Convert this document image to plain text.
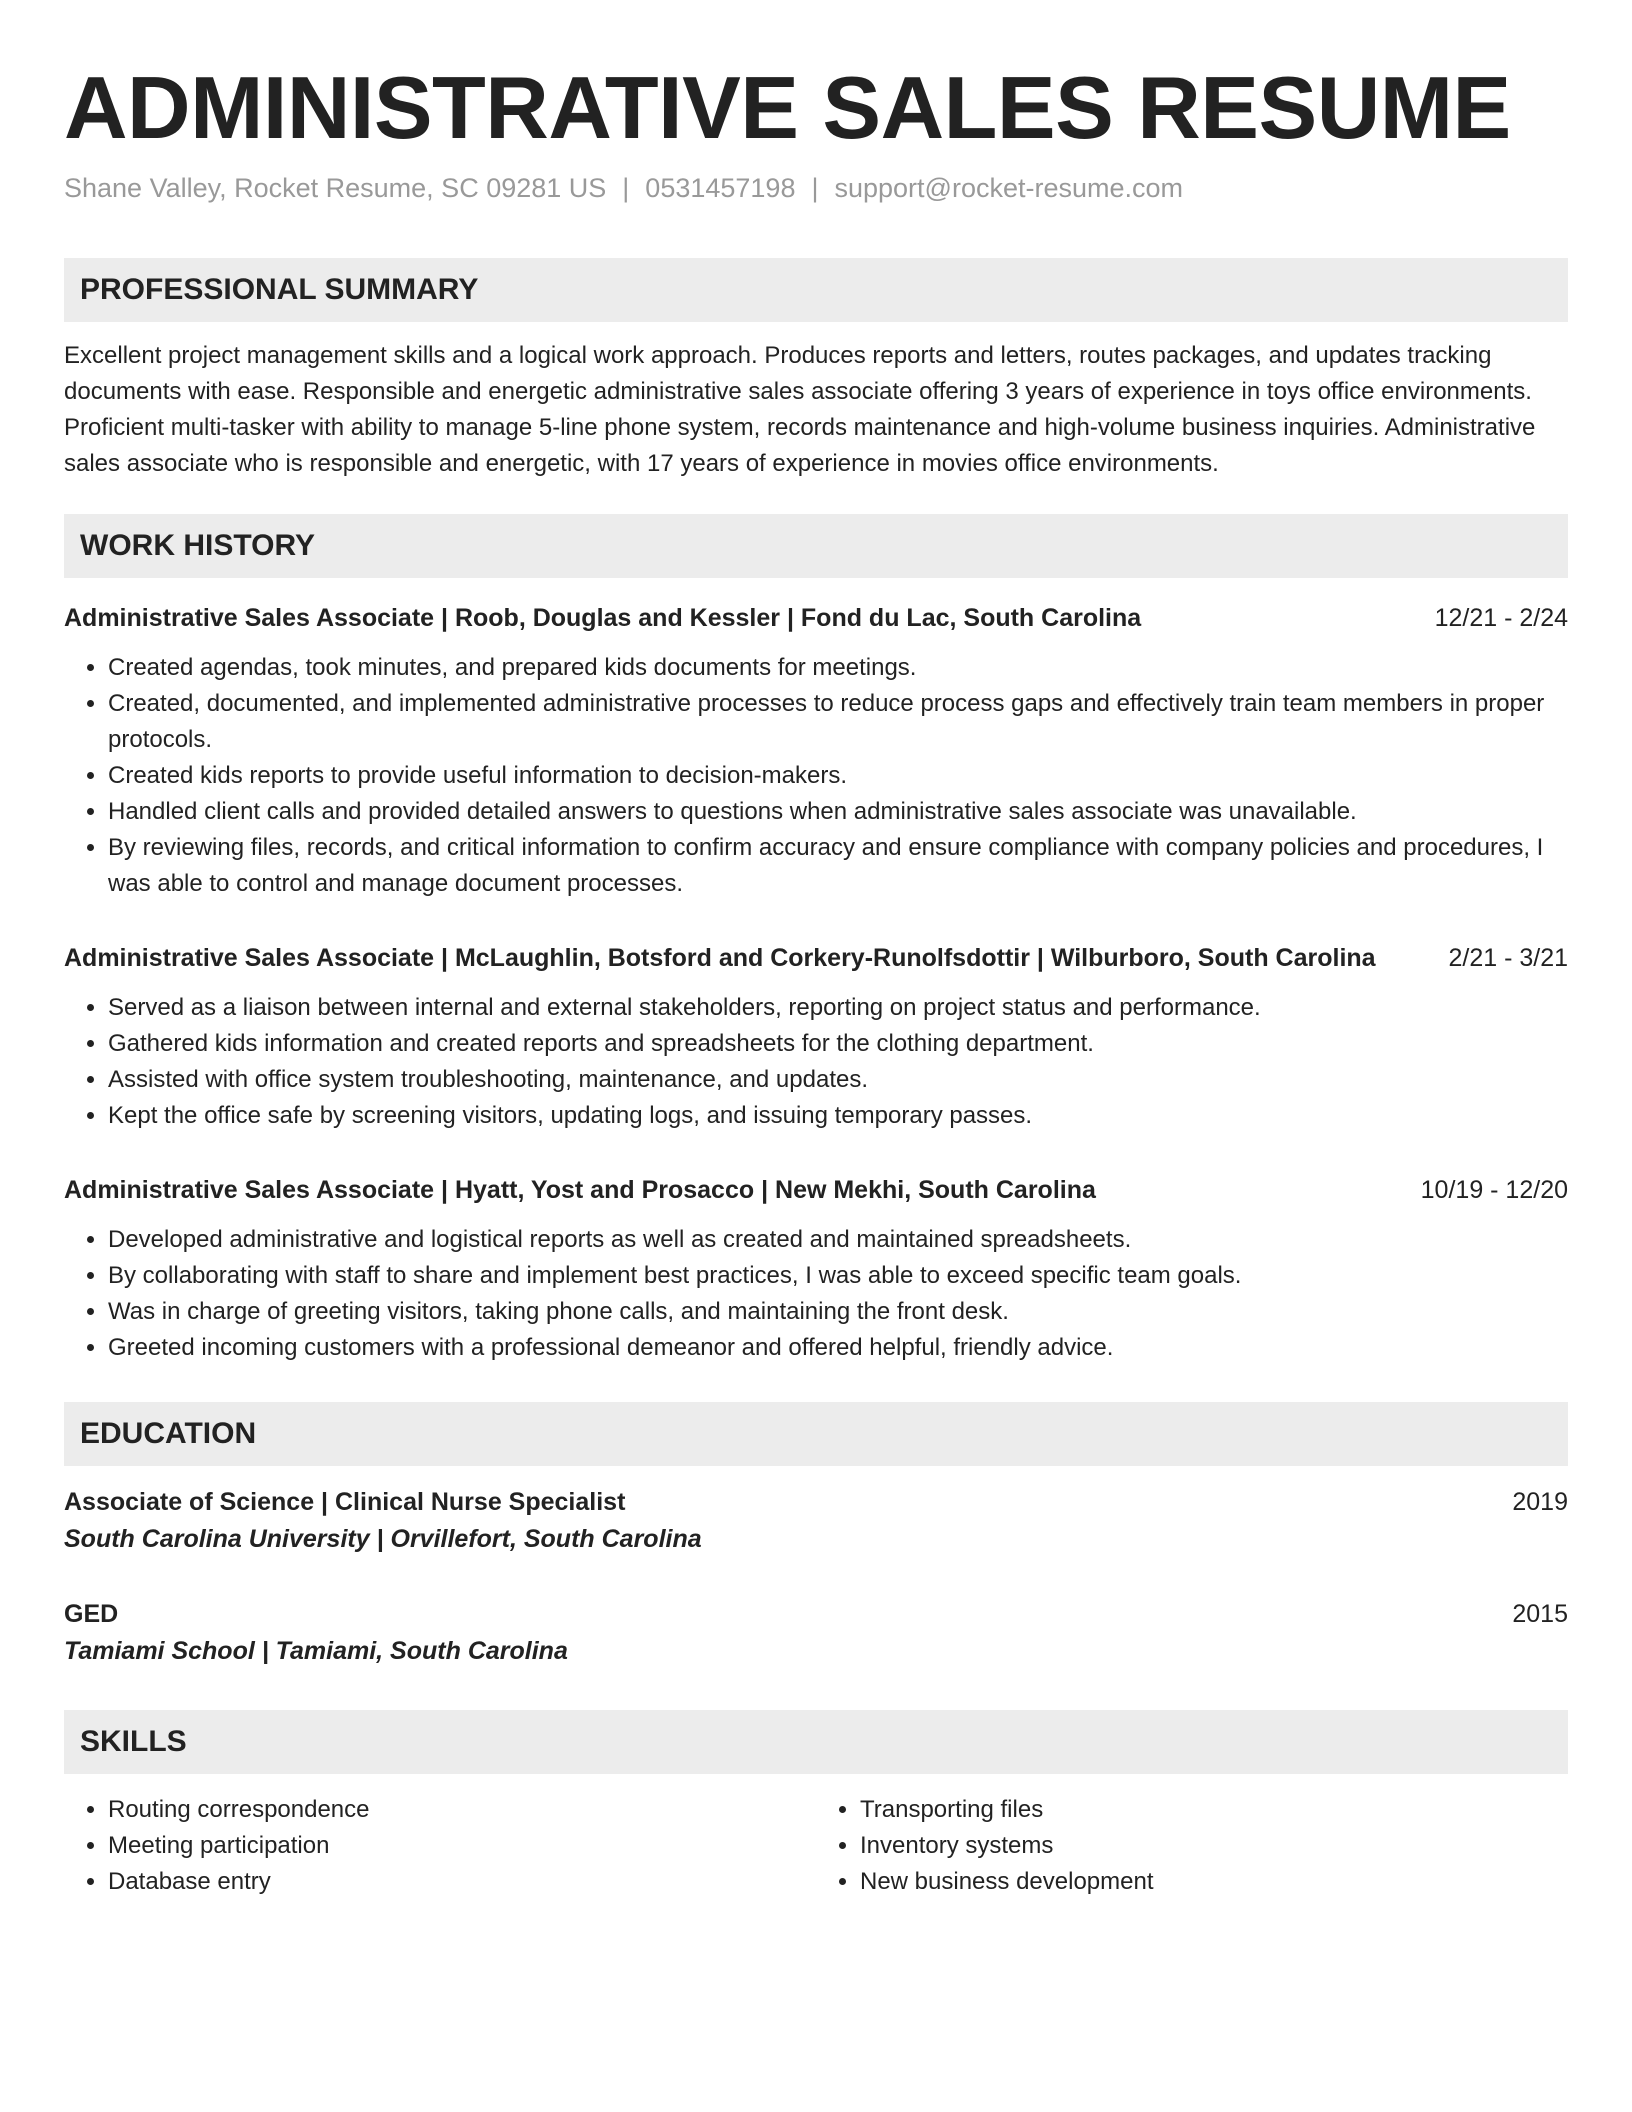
ADMINISTRATIVE SALES RESUME
Shane Valley, Rocket Resume, SC 09281 US | 0531457198 | support@rocket-resume.com
PROFESSIONAL SUMMARY

Excellent project management skills and a logical work approach. Produces reports and letters, routes packages, and updates tracking documents with ease. Responsible and energetic administrative sales associate offering 3 years of experience in toys office environments. Proficient multi-tasker with ability to manage 5-line phone system, records maintenance and high-volume business inquiries. Administrative sales associate who is responsible and energetic, with 17 years of experience in movies office environments.

WORK HISTORY
Administrative Sales Associate | Roob, Douglas and Kessler | Fond du Lac, South Carolina	12/21 - 2/24
• Created agendas, took minutes, and prepared kids documents for meetings.
• Created, documented, and implemented administrative processes to reduce process gaps and effectively train team members in proper protocols.
• Created kids reports to provide useful information to decision-makers.
• Handled client calls and provided detailed answers to questions when administrative sales associate was unavailable.
• By reviewing files, records, and critical information to confirm accuracy and ensure compliance with company policies and procedures, I was able to control and manage document processes.
Administrative Sales Associate | McLaughlin, Botsford and Corkery-Runolfsdottir | Wilburboro, South Carolina	2/21 - 3/21
• Served as a liaison between internal and external stakeholders, reporting on project status and performance.
• Gathered kids information and created reports and spreadsheets for the clothing department.
• Assisted with office system troubleshooting, maintenance, and updates.
• Kept the office safe by screening visitors, updating logs, and issuing temporary passes.
Administrative Sales Associate | Hyatt, Yost and Prosacco | New Mekhi, South Carolina	10/19 - 12/20
• Developed administrative and logistical reports as well as created and maintained spreadsheets.
• By collaborating with staff to share and implement best practices, I was able to exceed specific team goals.
• Was in charge of greeting visitors, taking phone calls, and maintaining the front desk.
• Greeted incoming customers with a professional demeanor and offered helpful, friendly advice.
EDUCATION
Associate of Science | Clinical Nurse Specialist	2019
South Carolina University | Orvillefort, South Carolina
GED	2015
Tamiami School | Tamiami, South Carolina
SKILLS
• Routing correspondence
• Meeting participation
• Database entry
• Transporting files
• Inventory systems
• New business development
